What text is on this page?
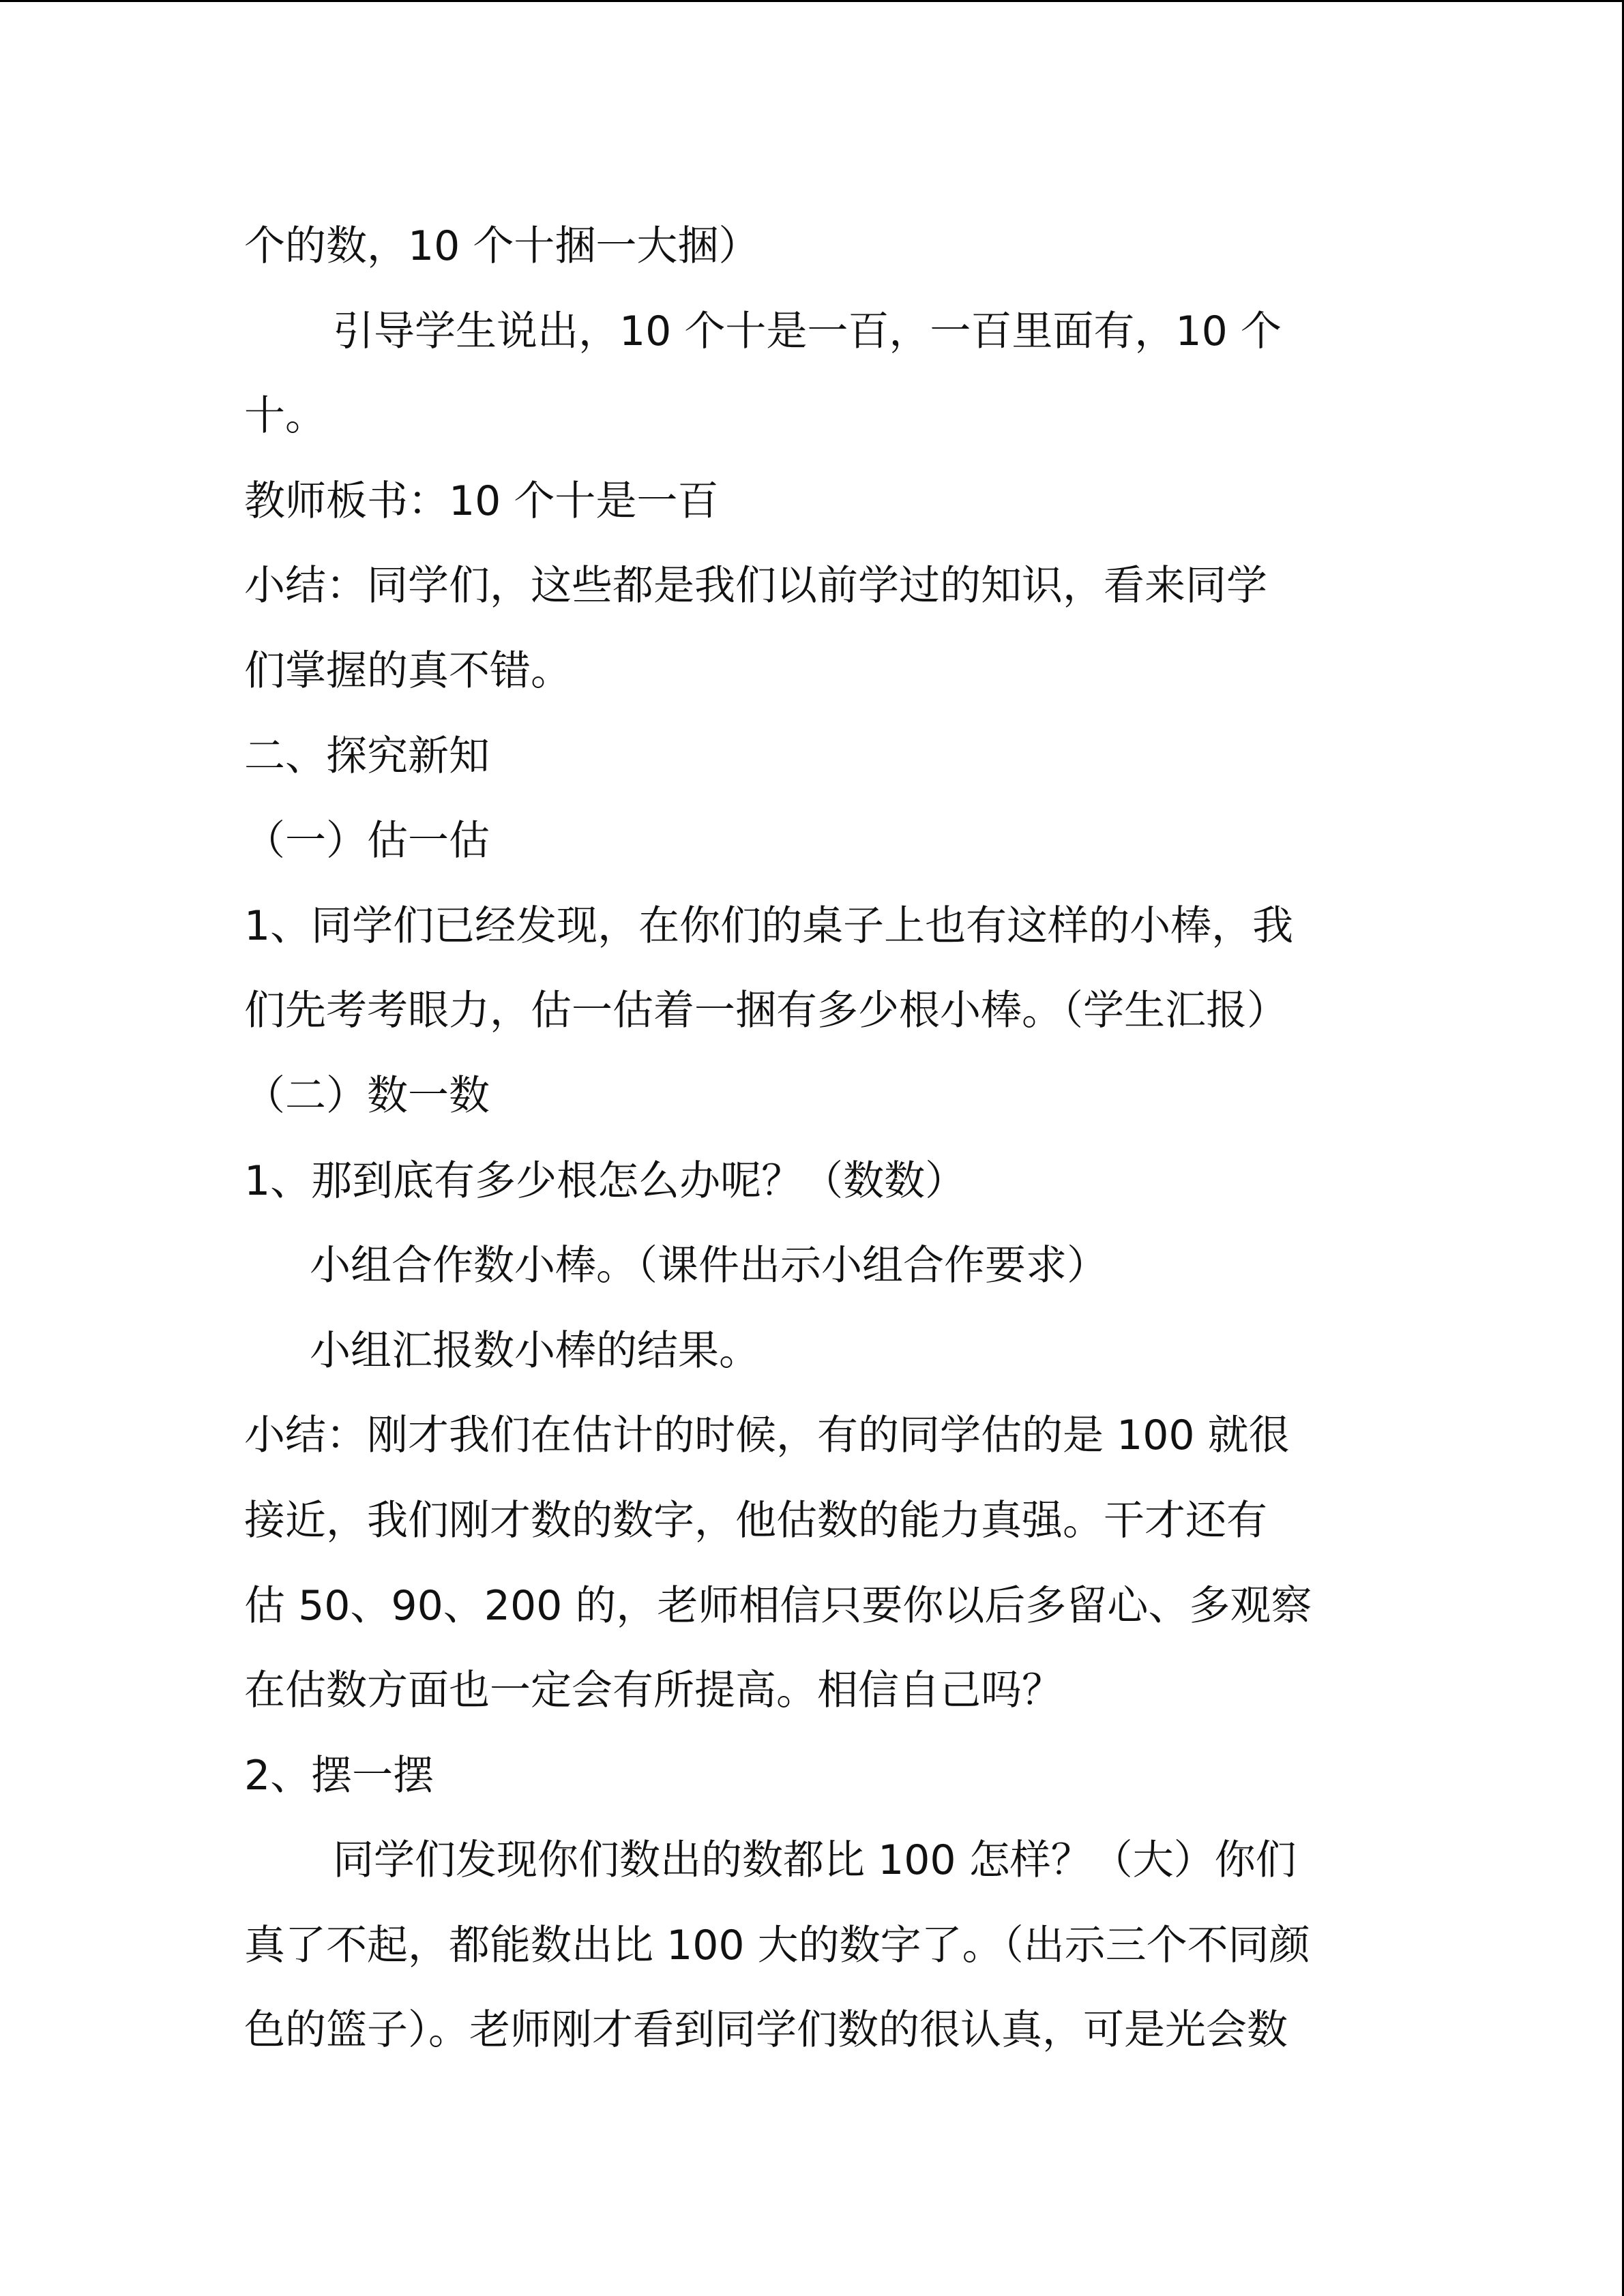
个的数，10 个十捆一大捆）
引导学生说出，10 个十是一百，一百里面有，10 个
十。
教师板书：10 个十是一百
小结：同学们，这些都是我们以前学过的知识，看来同学
们掌握的真不错。
二、探究新知
（一）估一估
1、同学们已经发现，在你们的桌子上也有这样的小棒，我
们先考考眼力，估一估着一捆有多少根小棒。（学生汇报）
（二）数一数
1、那到底有多少根怎么办呢？（数数）
小组合作数小棒。（课件出示小组合作要求）
小组汇报数小棒的结果。
小结：刚才我们在估计的时候，有的同学估的是 100 就很
接近，我们刚才数的数字，他估数的能力真强。干才还有
估 50、90、200 的，老师相信只要你以后多留心、多观察
在估数方面也一定会有所提高。相信自己吗？
2、摆一摆
同学们发现你们数出的数都比 100 怎样？（大）你们
真了不起，都能数出比 100 大的数字了。（出示三个不同颜
色的篮子）。老师刚才看到同学们数的很认真，可是光会数
